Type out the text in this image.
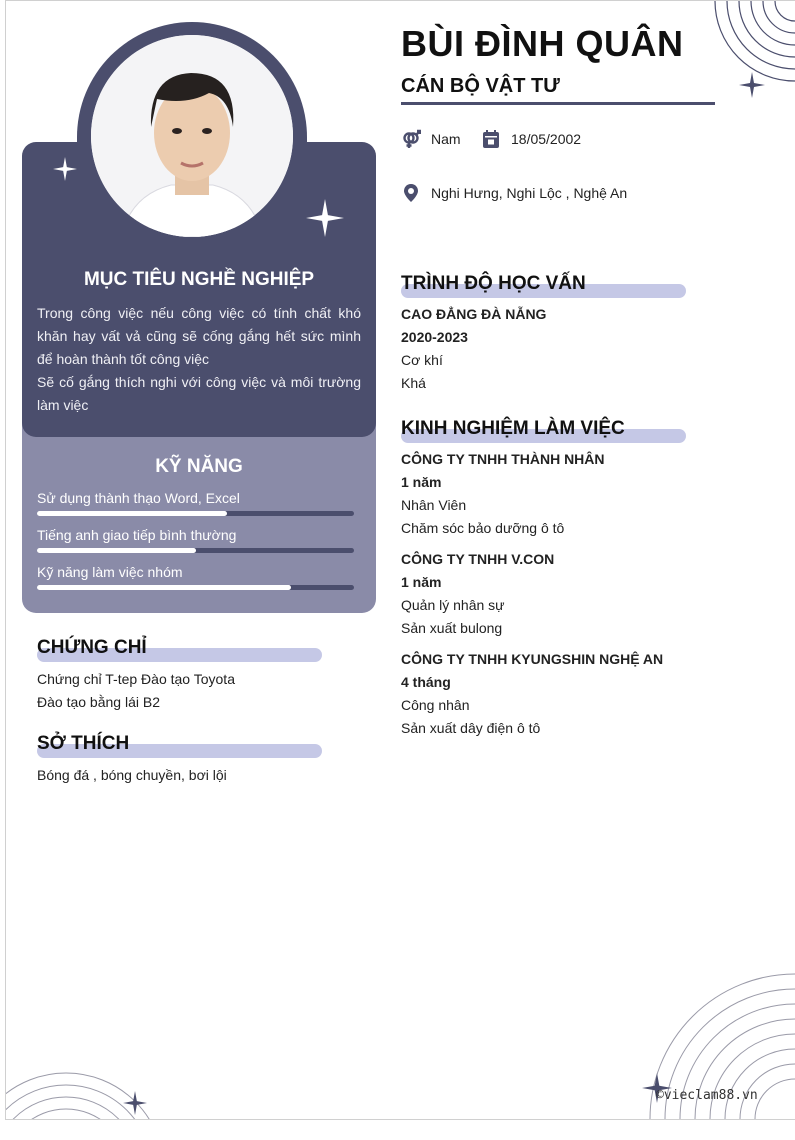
MỤC TIÊU NGHỀ NGHIỆP

Trong công việc nếu công việc có tính chất khó khăn hay vất vả cũng sẽ cống gắng hết sức mình để hoàn thành tốt công việc

Sẽ cố gắng thích nghi với công việc và môi trường làm việc

KỸ NĂNG
Sử dụng thành thạo Word, Excel
Tiếng anh giao tiếp bình thường
Kỹ năng làm việc nhóm
CHỨNG CHỈ
Chứng chỉ T-tep Đào tạo Toyota
Đào tạo bằng lái B2
SỞ THÍCH
Bóng đá , bóng chuyền, bơi lội
BÙI ĐÌNH QUÂN
CÁN BỘ VẬT TƯ
Nam	18/05/2002
Nghi Hưng, Nghi Lộc , Nghệ An
TRÌNH ĐỘ HỌC VẤN
CAO ĐẲNG ĐÀ NẴNG
2020-2023
Cơ khí
Khá
KINH NGHIỆM LÀM VIỆC
CÔNG TY TNHH THÀNH NHÂN
1 năm
Nhân Viên
Chăm sóc bảo dưỡng ô tô
CÔNG TY TNHH V.CON
1 năm
Quản lý nhân sự
Sản xuất bulong
CÔNG TY TNHH KYUNGSHIN NGHỆ AN
4 tháng
Công nhân
Sản xuất dây điện ô tô
©vieclam88.vn
